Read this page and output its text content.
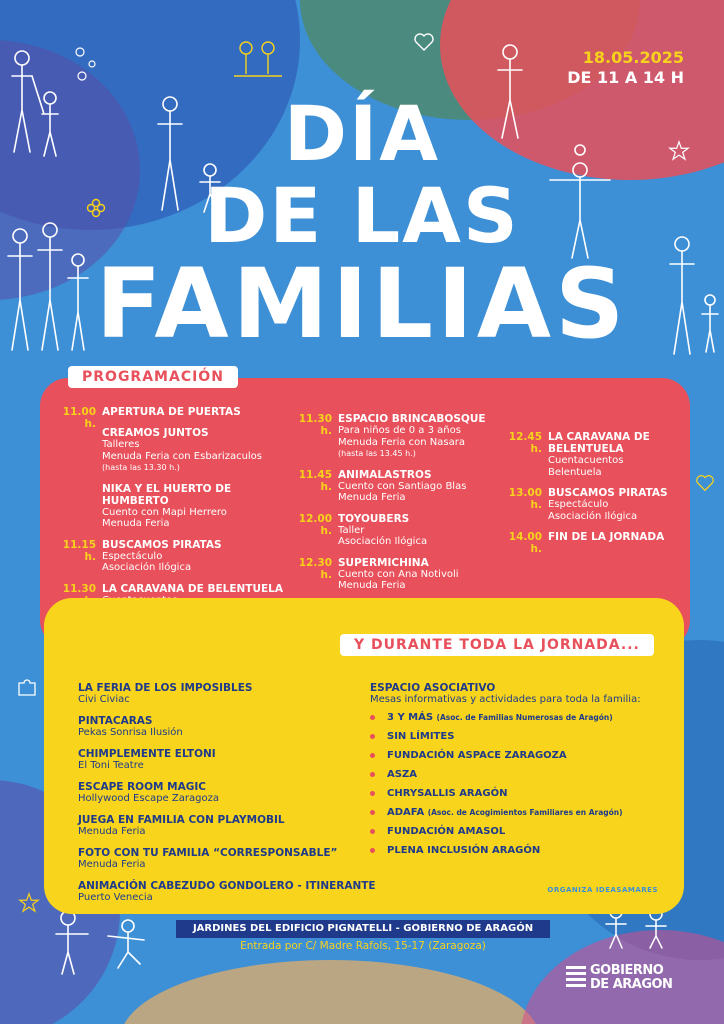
18.05.2025
DE 11 A 14 H
DÍA
DE LAS
FAMILIAS
PROGRAMACIÓN
11.00 h.
APERTURA DE PUERTAS
CREAMOS JUNTOS
Talleres
Menuda Feria con Esbarizaculos
(hasta las 13.30 h.)
NIKA Y EL HUERTO DE HUMBERTO
Cuento con Mapi Herrero
Menuda Feria
11.15 h.
BUSCAMOS PIRATAS
Espectáculo
Asociación Ilógica
11.30 LA CARAVANA DE BELENTUELA
11.30 h.
ESPACIO BRINCABOSQUE
Para niños de 0 a 3 años
Menuda Feria con Nasara
(hasta las 13.45 h.)
11.45 h.
ANIMALASTROS
Cuento con Santiago Blas
Menuda Feria
12.00 h.
TOYOUBERS
Taller
Asociación Ilógica
12.30 h.
SUPERMICHINA
Cuento con Ana Notivoli
Menuda Feria
12.45 h.
LA CARAVANA DE BELENTUELA
Cuentacuentos
Belentuela
13.00 h.
BUSCAMOS PIRATAS
Espectáculo
Asociación Ilógica
14.00 h.
FIN DE LA JORNADA
Y DURANTE TODA LA JORNADA...
LA FERIA DE LOS IMPOSIBLES
Civi Civiac
PINTACARAS
Pekas Sonrisa Ilusión
CHIMPLEMENTE ELTONI
El Toni Teatre
ESCAPE ROOM MAGIC
Hollywood Escape Zaragoza
JUEGA EN FAMILIA CON PLAYMOBIL
Menuda Feria
FOTO CON TU FAMILIA “CORRESPONSABLE”
Menuda Feria
ANIMACIÓN CABEZUDO GONDOLERO - ITINERANTE
Puerto Venecia
ESPACIO ASOCIATIVO
Mesas informativas y actividades para toda la familia:
3 Y MÁS (Asoc. de Familias Numerosas de Aragón)
SIN LÍMITES
FUNDACIÓN ASPACE ZARAGOZA
ASZA
CHRYSALLIS ARAGÓN
ADAFA (Asoc. de Acogimientos Familiares en Aragón)
FUNDACIÓN AMASOL
PLENA INCLUSIÓN ARAGÓN
ORGANIZA IDEASAMARES
JARDINES DEL EDIFICIO PIGNATELLI - GOBIERNO DE ARAGÓN
Entrada por C/ Madre Rafols, 15-17 (Zaragoza)
GOBIERNO
DE ARAGON
